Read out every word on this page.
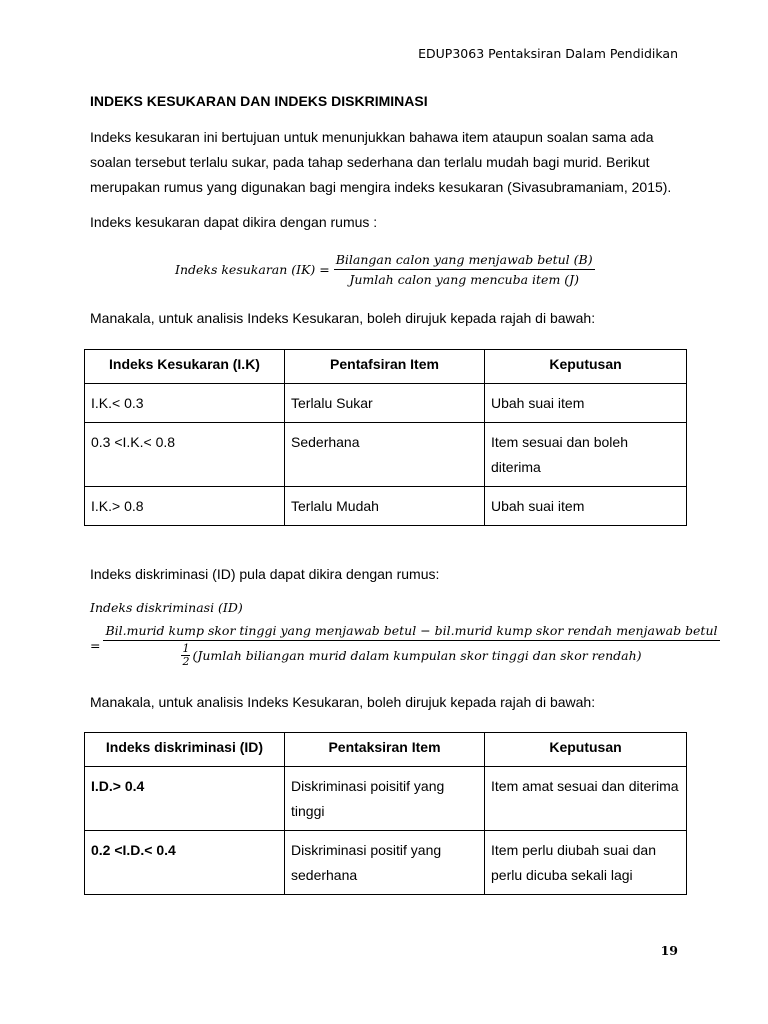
EDUP3063 Pentaksiran Dalam Pendidikan
INDEKS KESUKARAN DAN INDEKS DISKRIMINASI

Indeks kesukaran ini bertujuan untuk menunjukkan bahawa item ataupun soalan sama ada
soalan tersebut terlalu sukar, pada tahap sederhana dan terlalu mudah bagi murid. Berikut
merupakan rumus yang digunakan bagi mengira indeks kesukaran (Sivasubramaniam, 2015).

Indeks kesukaran dapat dikira dengan rumus :

Indeks kesukaran $(IK) = \frac{\text{Bilangan calon yang menjawab betul (B)}}{\text{Jumlah calon yang mencuba item (J)}}$

Manakala, untuk analisis Indeks Kesukaran, boleh dirujuk kepada rajah di bawah:

Indeks Kesukaran (I.K)	Pentafsiran Item	Keputusan
I.K.< 0.3	Terlalu Sukar	Ubah suai item
0.3 <I.K.< 0.8	Sederhana	Item sesuai dan boleh diterima
I.K.> 0.8	Terlalu Mudah	Ubah suai item

Indeks diskriminasi (ID) pula dapat dikira dengan rumus:

Indeks diskriminasi (ID)
=
Bil.murid kump skor tinggi yang menjawab betul − bil.murid kump skor rendah menjawab betul
$\frac{1}{2}$ (Jumlah biliangan murid dalam kumpulan skor tinggi dan skor rendah)

Manakala, untuk analisis Indeks Kesukaran, boleh dirujuk kepada rajah di bawah:

Indeks diskriminasi (ID)	Pentaksiran Item	Keputusan
I.D.> 0.4	Diskriminasi poisitif yang tinggi	Item amat sesuai dan diterima
0.2 <I.D.< 0.4	Diskriminasi positif yang sederhana	Item perlu diubah suai dan perlu dicuba sekali lagi
19
